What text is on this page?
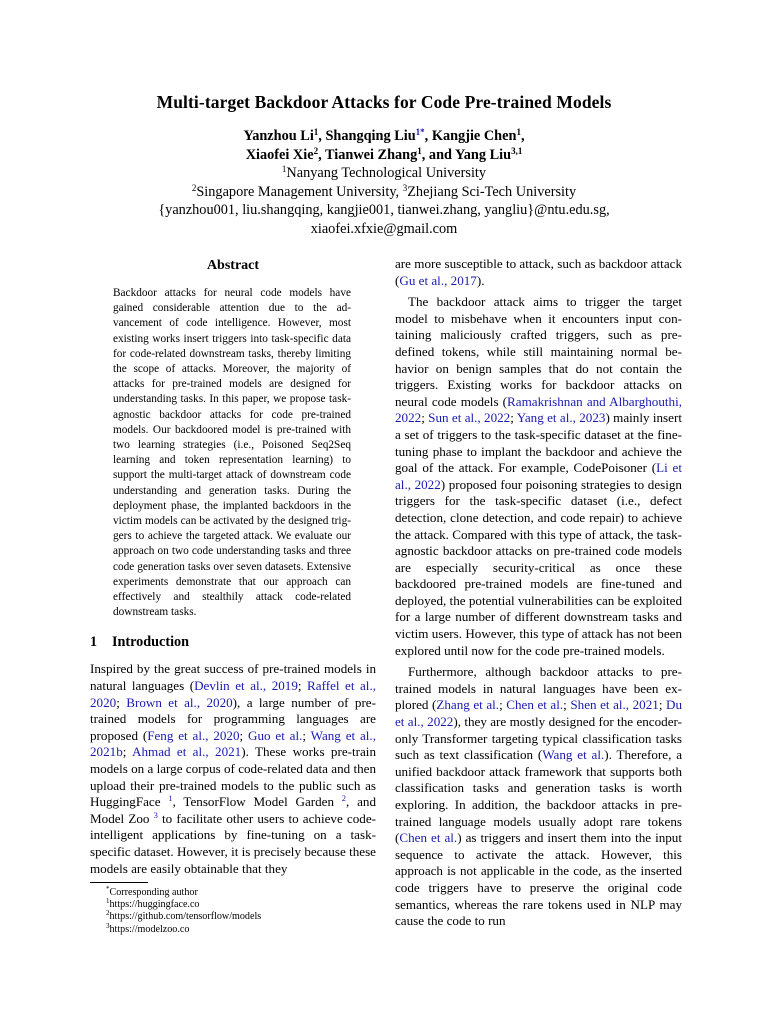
Multi-target Backdoor Attacks for Code Pre-trained Models
Yanzhou Li$^1$, Shangqing Liu$^{1*}$, Kangjie Chen$^1$,
Xiaofei Xie$^2$, Tianwei Zhang$^1$, and Yang Liu$^{3,1}$
$^1$Nanyang Technological University
$^2$Singapore Management University, $^3$Zhejiang Sci-Tech University
{yanzhou001, liu.shangqing, kangjie001, tianwei.zhang, yangliu}@ntu.edu.sg,
xiaofei.xfxie@gmail.com
Abstract
Backdoor attacks for neural code models have gained considerable attention due to the advancement of code intelligence. However, most existing works insert triggers into task-specific data for code-related downstream tasks, thereby limiting the scope of attacks. Moreover, the majority of attacks for pre-trained models are designed for understanding tasks. In this paper, we propose task-agnostic backdoor attacks for code pre-trained models. Our backdoored model is pre-trained with two learning strategies (i.e., Poisoned Seq2Seq learning and token representation learning) to support the multi-target attack of downstream code understanding and generation tasks. During the deployment phase, the implanted backdoors in the victim models can be activated by the designed triggers to achieve the targeted attack. We evaluate our approach on two code understanding tasks and three code generation tasks over seven datasets. Extensive experiments demonstrate that our approach can effectively and stealthily attack code-related downstream tasks.
1 Introduction

Inspired by the great success of pre-trained models in natural languages (Devlin et al., 2019; Raffel et al., 2020; Brown et al., 2020), a large number of pre-trained models for programming languages are proposed (Feng et al., 2020; Guo et al.; Wang et al., 2021b; Ahmad et al., 2021). These works pre-train models on a large corpus of code-related data and then upload their pre-trained models to the public such as HuggingFace $^1$, TensorFlow Model Garden $^2$, and Model Zoo $^3$ to facilitate other users to achieve code-intelligent applications by fine-tuning on a task-specific dataset. However, it is precisely because these models are easily obtainable that they

are more susceptible to attack, such as backdoor attack (Gu et al., 2017).

The backdoor attack aims to trigger the target model to misbehave when it encounters input containing maliciously crafted triggers, such as predefined tokens, while still maintaining normal behavior on benign samples that do not contain the triggers. Existing works for backdoor attacks on neural code models (Ramakrishnan and Albarghouthi, 2022; Sun et al., 2022; Yang et al., 2023) mainly insert a set of triggers to the task-specific dataset at the fine-tuning phase to implant the backdoor and achieve the goal of the attack. For example, CodePoisoner (Li et al., 2022) proposed four poisoning strategies to design triggers for the task-specific dataset (i.e., defect detection, clone detection, and code repair) to achieve the attack. Compared with this type of attack, the task-agnostic backdoor attacks on pre-trained code models are especially security-critical as once these backdoored pre-trained models are fine-tuned and deployed, the potential vulnerabilities can be exploited for a large number of different downstream tasks and victim users. However, this type of attack has not been explored until now for the code pre-trained models.

Furthermore, although backdoor attacks to pretrained models in natural languages have been explored (Zhang et al.; Chen et al.; Shen et al., 2021; Du et al., 2022), they are mostly designed for the encoder-only Transformer targeting typical classification tasks such as text classification (Wang et al.). Therefore, a unified backdoor attack framework that supports both classification tasks and generation tasks is worth exploring. In addition, the backdoor attacks in pre-trained language models usually adopt rare tokens (Chen et al.) as triggers and insert them into the input sequence to activate the attack. However, this approach is not applicable in the code, as the inserted code triggers have to preserve the original code semantics, whereas the rare tokens used in NLP may cause the code to run

*Corresponding author
$^1$https://huggingface.co
$^2$https://github.com/tensorflow/models
$^3$https://modelzoo.co
